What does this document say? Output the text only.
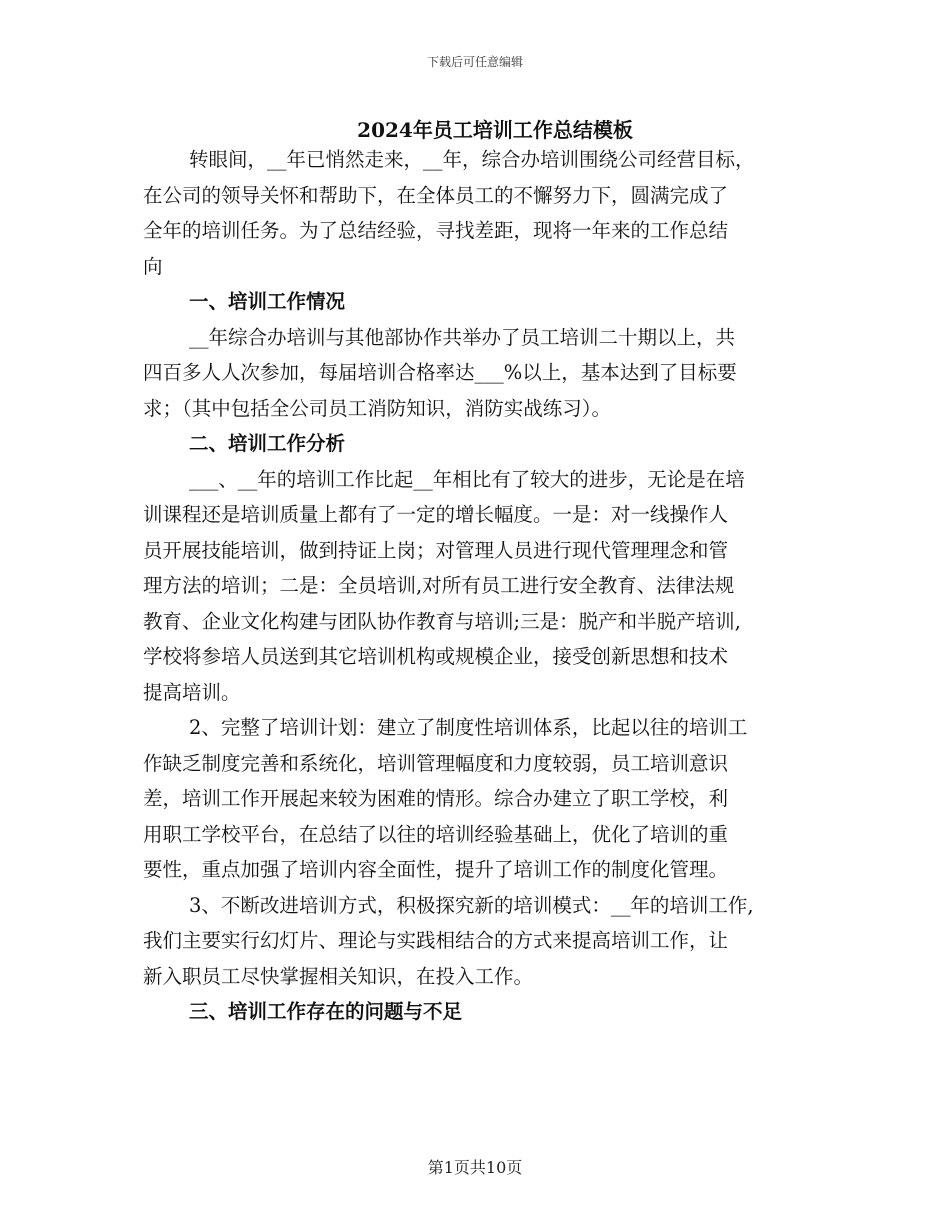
下载后可任意编辑
2024年员工培训工作总结模板
转眼间，__年已悄然走来，__年，综合办培训围绕公司经营目标，
在公司的领导关怀和帮助下，在全体员工的不懈努力下，圆满完成了
全年的培训任务。为了总结经验，寻找差距，现将一年来的工作总结
向
一、培训工作情况
__年综合办培训与其他部协作共举办了员工培训二十期以上，共
四百多人人次参加，每届培训合格率达___%以上，基本达到了目标要
求；（其中包括全公司员工消防知识，消防实战练习）。
二、培训工作分析
___、__年的培训工作比起__年相比有了较大的进步，无论是在培
训课程还是培训质量上都有了一定的增长幅度。一是：对一线操作人
员开展技能培训，做到持证上岗；对管理人员进行现代管理理念和管
理方法的培训；二是：全员培训,对所有员工进行安全教育、法律法规
教育、企业文化构建与团队协作教育与培训;三是：脱产和半脱产培训,
学校将参培人员送到其它培训机构或规模企业，接受创新思想和技术
提高培训。
2、完整了培训计划：建立了制度性培训体系，比起以往的培训工
作缺乏制度完善和系统化，培训管理幅度和力度较弱，员工培训意识
差，培训工作开展起来较为困难的情形。综合办建立了职工学校，利
用职工学校平台，在总结了以往的培训经验基础上，优化了培训的重
要性，重点加强了培训内容全面性，提升了培训工作的制度化管理。
3、不断改进培训方式，积极探究新的培训模式：__年的培训工作,
我们主要实行幻灯片、理论与实践相结合的方式来提高培训工作，让
新入职员工尽快掌握相关知识，在投入工作。
三、培训工作存在的问题与不足
第1页共10页
